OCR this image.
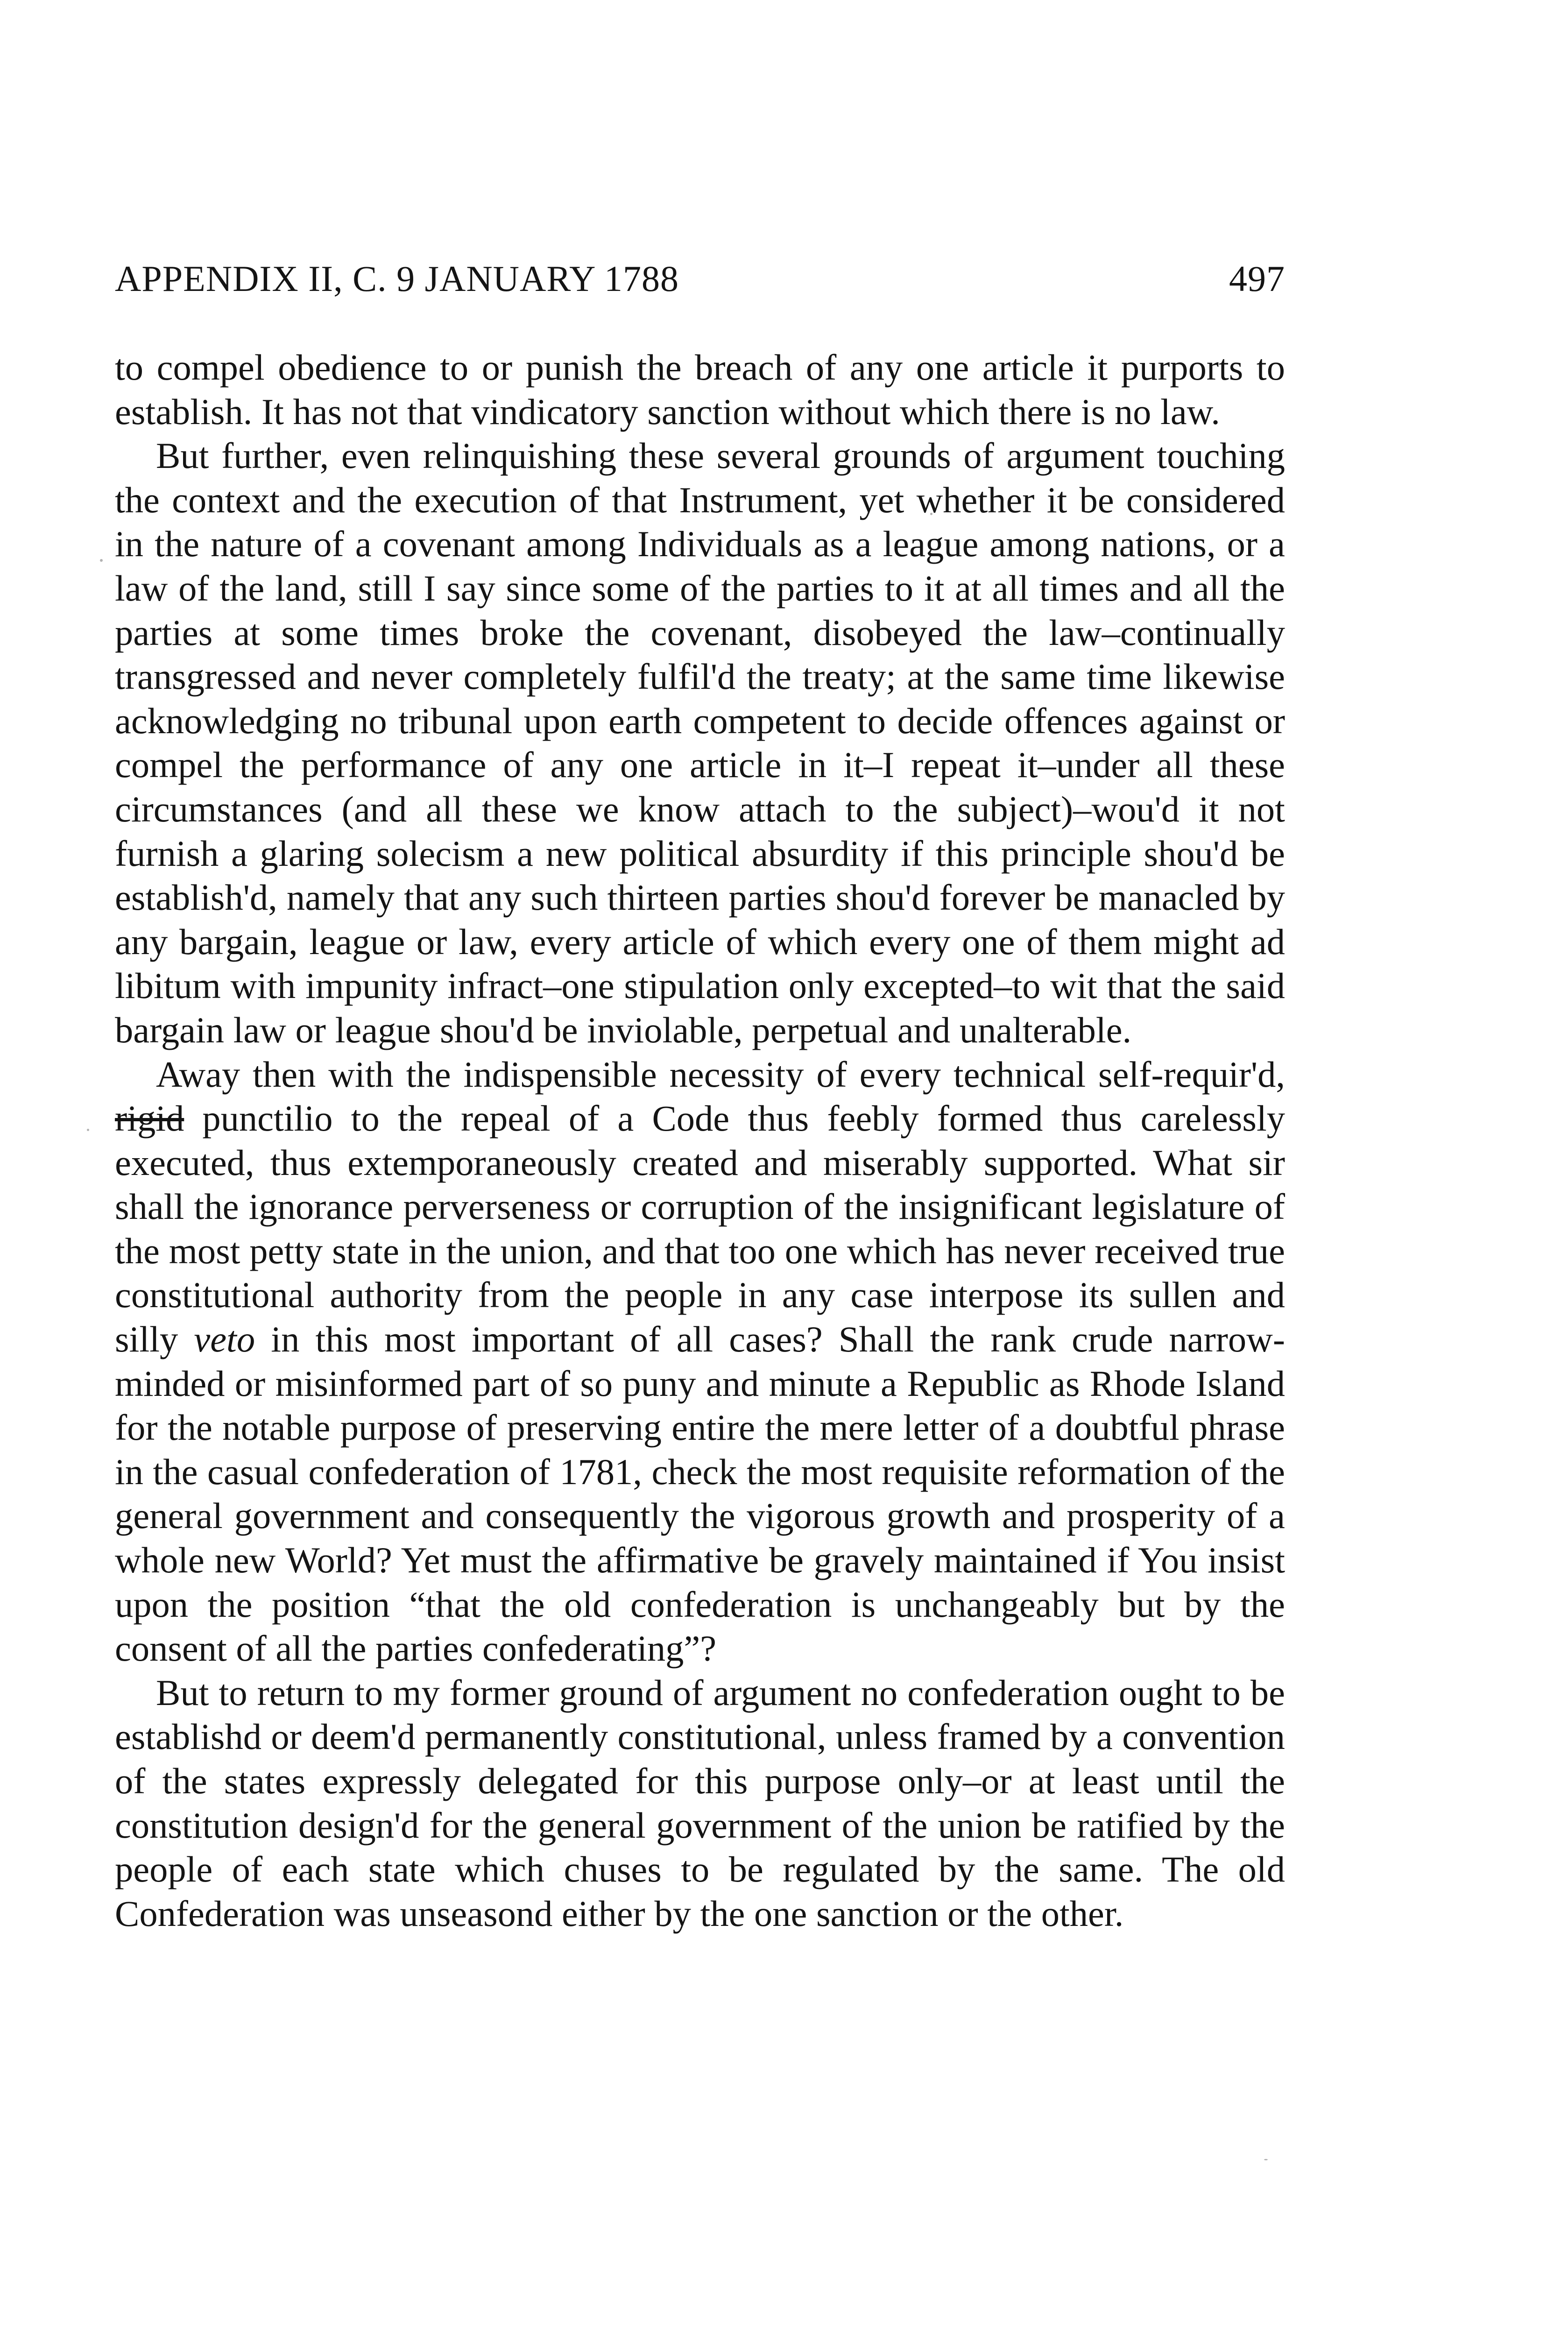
APPENDIX II, C. 9 JANUARY 1788	497

to compel obedience to or punish the breach of any one article it purports to establish. It has not that vindicatory sanction without which there is no law.

But further, even relinquishing these several grounds of argument touching the context and the execution of that Instrument, yet whether it be considered in the nature of a covenant among Individuals as a league among nations, or a law of the land, still I say since some of the parties to it at all times and all the parties at some times broke the covenant, disobeyed the law–continually transgressed and never completely fulfil'd the treaty; at the same time likewise acknowledging no tribunal upon earth competent to decide offences against or compel the performance of any one article in it–I repeat it–under all these circumstances (and all these we know attach to the subject)–wou'd it not furnish a glaring solecism a new political absurdity if this principle shou'd be establish'd, namely that any such thirteen parties shou'd forever be manacled by any bargain, league or law, every article of which every one of them might ad libitum with impunity infract–one stipulation only excepted–to wit that the said bargain law or league shou'd be inviolable, perpetual and unalterable.

Away then with the indispensible necessity of every technical self-requir'd, rigid punctilio to the repeal of a Code thus feebly formed thus carelessly executed, thus extemporaneously created and miserably supported. What sir shall the ignorance perverseness or corruption of the insignificant legislature of the most petty state in the union, and that too one which has never received true constitutional authority from the people in any case interpose its sullen and silly veto in this most important of all cases? Shall the rank crude narrow-minded or misinformed part of so puny and minute a Republic as Rhode Island for the notable purpose of preserving entire the mere letter of a doubtful phrase in the casual confederation of 1781, check the most requisite reformation of the general government and consequently the vigorous growth and prosperity of a whole new World? Yet must the affirmative be gravely maintained if You insist upon the position “that the old confederation is unchangeably but by the consent of all the parties confederating”?

But to return to my former ground of argument no confederation ought to be establishd or deem'd permanently constitutional, unless framed by a convention of the states expressly delegated for this purpose only–or at least until the constitution design'd for the general government of the union be ratified by the people of each state which chuses to be regulated by the same. The old Confederation was unseasond either by the one sanction or the other.
